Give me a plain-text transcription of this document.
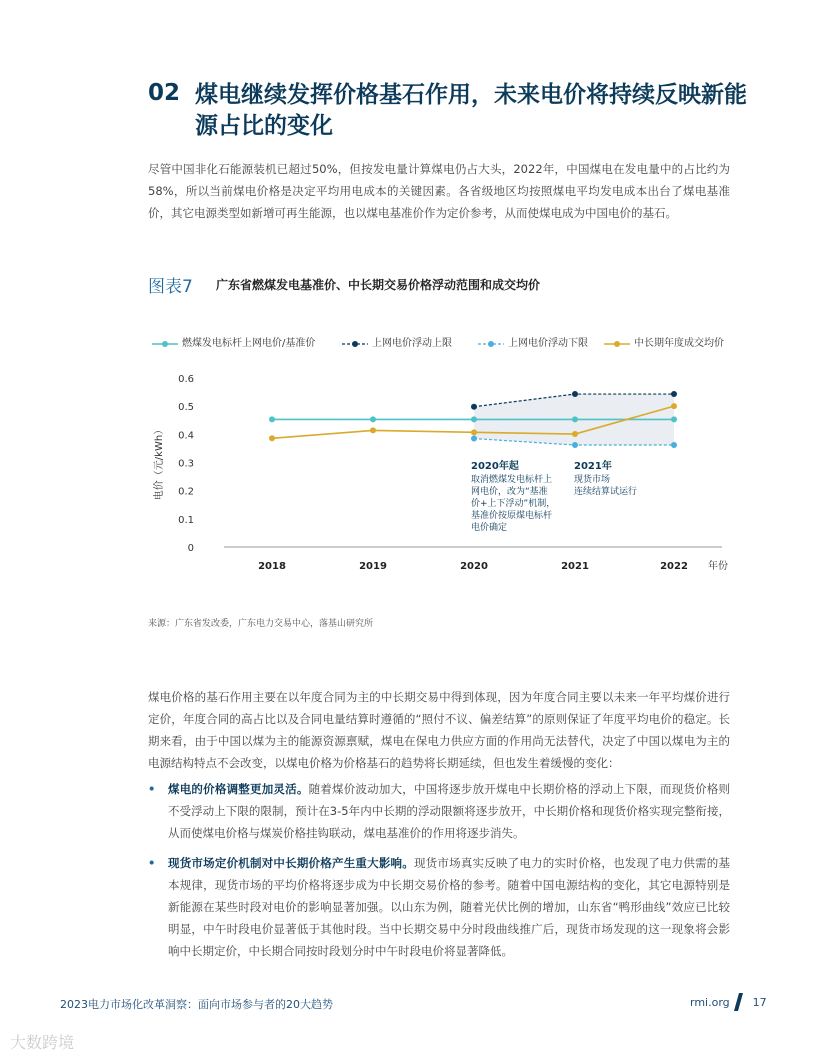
02 煤电继续发挥价格基石作用，未来电价将持续反映新能源占比的变化
尽管中国非化石能源装机已超过50%，但按发电量计算煤电仍占大头，2022年，中国煤电在发电量中的占比约为58%，所以当前煤电价格是决定平均用电成本的关键因素。各省级地区均按照煤电平均发电成本出台了煤电基准价，其它电源类型如新增可再生能源，也以煤电基准价作为定价参考，从而使煤电成为中国电价的基石。
图表7 广东省燃煤发电基准价、中长期交易价格浮动范围和成交均价
燃煤发电标杆上网电价/基准价	上网电价浮动上限	上网电价浮动下限	中长期年度成交均价
0
0.1
0.2
0.3
0.4
0.5
0.6
电价（元/kWh）
2018	2019	2020	2021	2022 年份
2020年起
取消燃煤发电标杆上
网电价，改为“基准
价+上下浮动”机制，
基准价按原煤电标杆
电价确定
2021年
现货市场
连续结算试运行
来源：广东省发改委，广东电力交易中心，落基山研究所
煤电价格的基石作用主要在以年度合同为主的中长期交易中得到体现，因为年度合同主要以未来一年平均煤价进行定价，年度合同的高占比以及合同电量结算时遵循的“照付不议、偏差结算”的原则保证了年度平均电价的稳定。长期来看，由于中国以煤为主的能源资源禀赋，煤电在保电力供应方面的作用尚无法替代，决定了中国以煤电为主的电源结构特点不会改变，以煤电价格为价格基石的趋势将长期延续，但也发生着缓慢的变化：
• 煤电的价格调整更加灵活。随着煤价波动加大，中国将逐步放开煤电中长期价格的浮动上下限，而现货价格则不受浮动上下限的限制，预计在3-5年内中长期的浮动限额将逐步放开，中长期价格和现货价格实现完整衔接，从而使煤电价格与煤炭价格挂钩联动，煤电基准价的作用将逐步消失。
• 现货市场定价机制对中长期价格产生重大影响。现货市场真实反映了电力的实时价格，也发现了电力供需的基本规律，现货市场的平均价格将逐步成为中长期交易价格的参考。随着中国电源结构的变化，其它电源特别是新能源在某些时段对电价的影响显著加强。以山东为例，随着光伏比例的增加，山东省“鸭形曲线”效应已比较明显，中午时段电价显著低于其他时段。当中长期交易中分时段曲线推广后，现货市场发现的这一现象将会影响中长期定价，中长期合同按时段划分时中午时段电价将显著降低。
2023电力市场化改革洞察：面向市场参与者的20大趋势	rmi.org 17
大数跨境
